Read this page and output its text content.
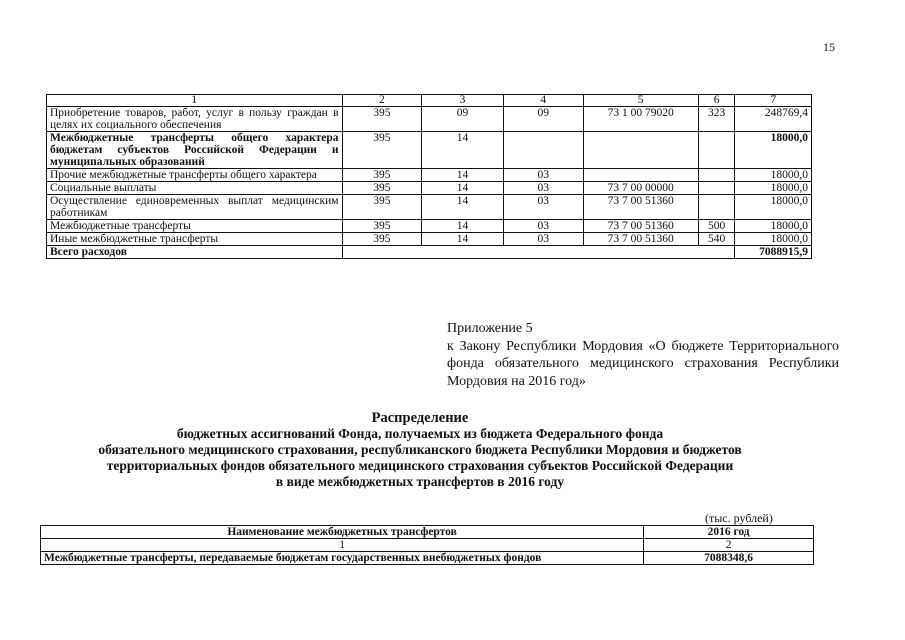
15
1	2	3	4	5	6	7
Приобретение товаров, работ, услуг в пользу граждан в целях их социального обеспечения	395	09	09	73 1 00 79020	323	248769,4
Межбюджетные трансферты общего характера бюджетам субъектов Российской Федерации и муниципальных образований	395	14				18000,0
Прочие межбюджетные трансферты общего характера	395	14	03			18000,0
Социальные выплаты	395	14	03	73 7 00 00000		18000,0
Осуществление единовременных выплат медицинским работникам	395	14	03	73 7 00 51360		18000,0
Межбюджетные трансферты	395	14	03	73 7 00 51360	500	18000,0
Иные межбюджетные трансферты	395	14	03	73 7 00 51360	540	18000,0
Всего расходов						7088915,9
Приложение 5
к Закону Республики Мордовия «О бюджете Территориального фонда обязательного медицинского страхования Республики Мордовия на 2016 год»
Распределение
бюджетных ассигнований Фонда, получаемых из бюджета Федерального фонда
обязательного медицинского страхования, республиканского бюджета Республики Мордовия и бюджетов
территориальных фондов обязательного медицинского страхования субъектов Российской Федерации
в виде межбюджетных трансфертов в 2016 году
(тыс. рублей)
Наименование межбюджетных трансфертов	2016 год
1	2
Межбюджетные трансферты, передаваемые бюджетам государственных внебюджетных фондов	7088348,6
